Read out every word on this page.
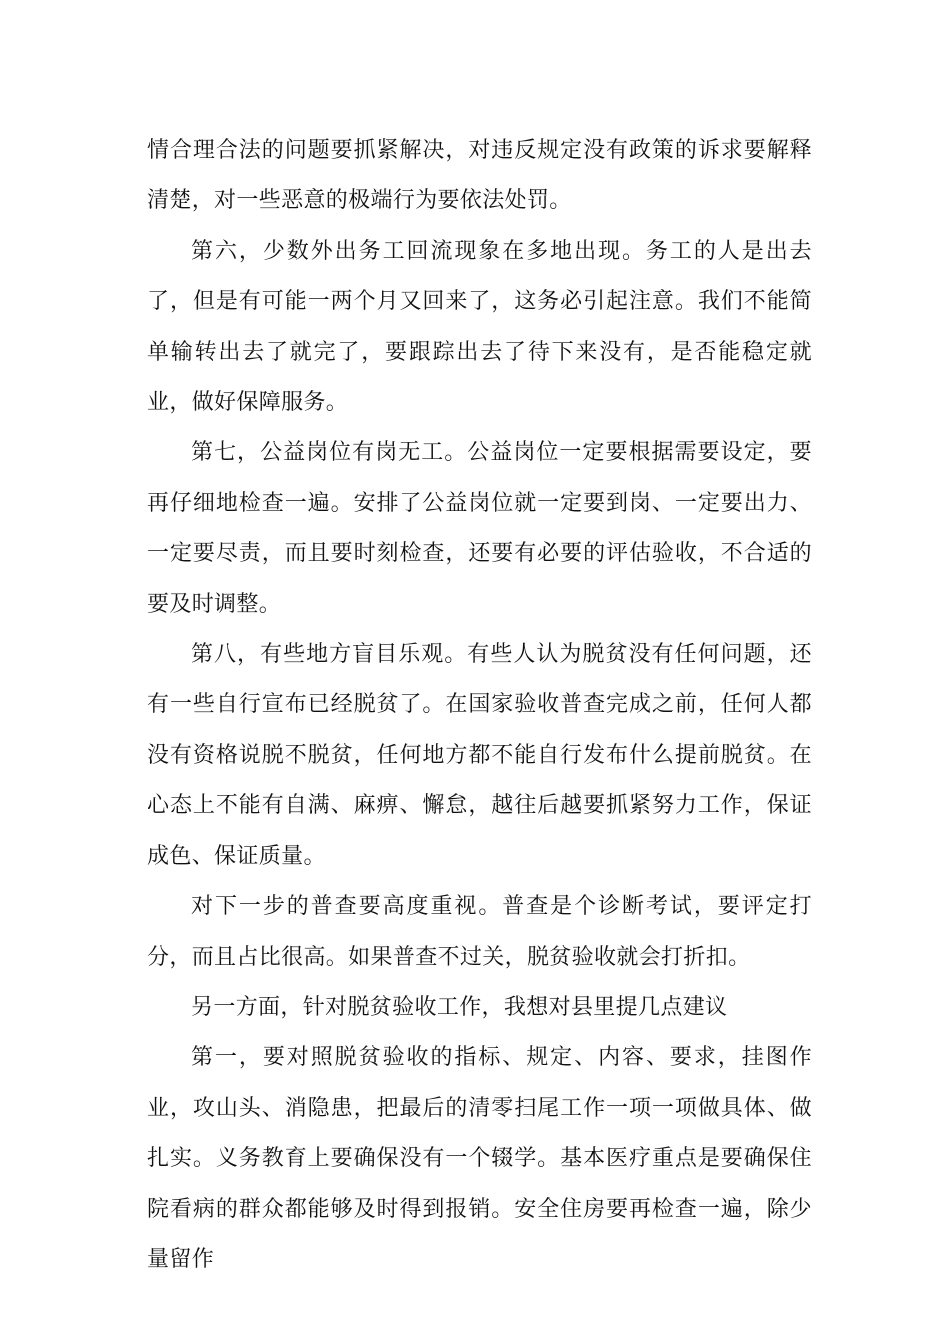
情合理合法的问题要抓紧解决，对违反规定没有政策的诉求要解释清楚，对一些恶意的极端行为要依法处罚。

第六，少数外出务工回流现象在多地出现。务工的人是出去了，但是有可能一两个月又回来了，这务必引起注意。我们不能简单输转出去了就完了，要跟踪出去了待下来没有，是否能稳定就业，做好保障服务。

第七，公益岗位有岗无工。公益岗位一定要根据需要设定，要再仔细地检查一遍。安排了公益岗位就一定要到岗、一定要出力、一定要尽责，而且要时刻检查，还要有必要的评估验收，不合适的要及时调整。

第八，有些地方盲目乐观。有些人认为脱贫没有任何问题，还有一些自行宣布已经脱贫了。在国家验收普查完成之前，任何人都没有资格说脱不脱贫，任何地方都不能自行发布什么提前脱贫。在心态上不能有自满、麻痹、懈怠，越往后越要抓紧努力工作，保证成色、保证质量。

对下一步的普查要高度重视。普查是个诊断考试，要评定打分，而且占比很高。如果普查不过关，脱贫验收就会打折扣。

另一方面，针对脱贫验收工作，我想对县里提几点建议

第一，要对照脱贫验收的指标、规定、内容、要求，挂图作业，攻山头、消隐患，把最后的清零扫尾工作一项一项做具体、做扎实。义务教育上要确保没有一个辍学。基本医疗重点是要确保住院看病的群众都能够及时得到报销。安全住房要再检查一遍，除少量留作
